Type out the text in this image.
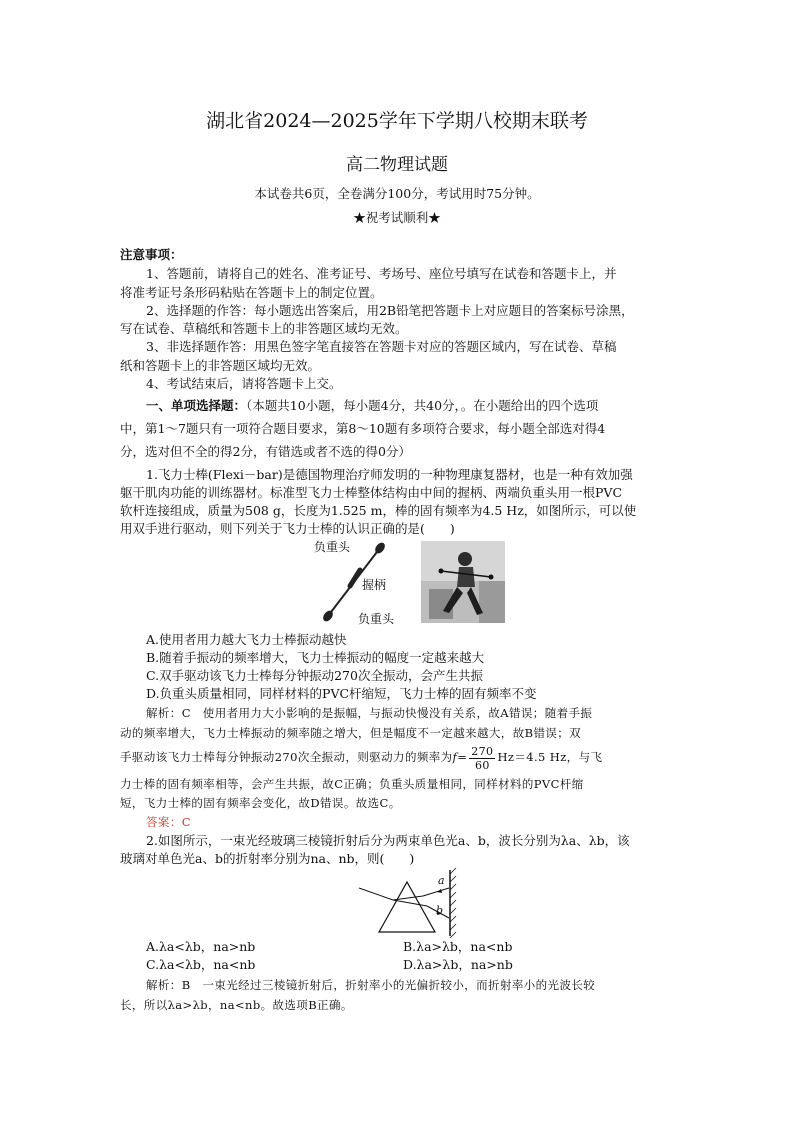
湖北省2024—2025学年下学期八校期末联考
高二物理试题
本试卷共6页，全卷满分100分，考试用时75分钟。
★祝考试顺利★
注意事项：
1、答题前，请将自己的姓名、准考证号、考场号、座位号填写在试卷和答题卡上，并
将准考证号条形码粘贴在答题卡上的制定位置。
2、选择题的作答：每小题选出答案后，用2B铅笔把答题卡上对应题目的答案标号涂黑，
写在试卷、草稿纸和答题卡上的非答题区域均无效。
3、非选择题作答：用黑色签字笔直接答在答题卡对应的答题区域内，写在试卷、草稿
纸和答题卡上的非答题区域均无效。
4、考试结束后，请将答题卡上交。
一、单项选择题：（本题共10小题，每小题4分，共40分，。在小题给出的四个选项
中，第1～7题只有一项符合题目要求，第8～10题有多项符合要求，每小题全部选对得4
分，选对但不全的得2分，有错选或者不选的得0分）
1.飞力士棒(Flexi－bar)是德国物理治疗师发明的一种物理康复器材，也是一种有效加强
躯干肌肉功能的训练器材。标准型飞力士棒整体结构由中间的握柄、两端负重头用一根PVC
软杆连接组成，质量为508 g，长度为1.525 m，棒的固有频率为4.5 Hz，如图所示，可以使
用双手进行驱动，则下列关于飞力士棒的认识正确的是(　　)
负重头
握柄
负重头
A.使用者用力越大飞力士棒振动越快
B.随着手振动的频率增大，飞力士棒振动的幅度一定越来越大
C.双手驱动该飞力士棒每分钟振动270次全振动，会产生共振
D.负重头质量相同，同样材料的PVC杆缩短，飞力士棒的固有频率不变
解析：C　使用者用力大小影响的是振幅，与振动快慢没有关系，故A错误；随着手振
动的频率增大，飞力士棒振动的频率随之增大，但是幅度不一定越来越大，故B错误；双
手驱动该飞力士棒每分钟振动270次全振动，则驱动力的频率为$f= \frac{270}{60} Hz=4.5$ Hz，与飞
力士棒的固有频率相等，会产生共振，故C正确；负重头质量相同，同样材料的PVC杆缩
短，飞力士棒的固有频率会变化，故D错误。故选C。
答案：C
2.如图所示，一束光经玻璃三棱镜折射后分为两束单色光a、b，波长分别为λa、λb，该
玻璃对单色光a、b的折射率分别为na、nb，则(　　)
a
b
A.λa<λb，na>nb	B.λa>λb，na<nb
C.λa<λb，na<nb	D.λa>λb，na>nb
解析：B　一束光经过三棱镜折射后，折射率小的光偏折较小，而折射率小的光波长较
长，所以λa>λb，na<nb。故选项B正确。
